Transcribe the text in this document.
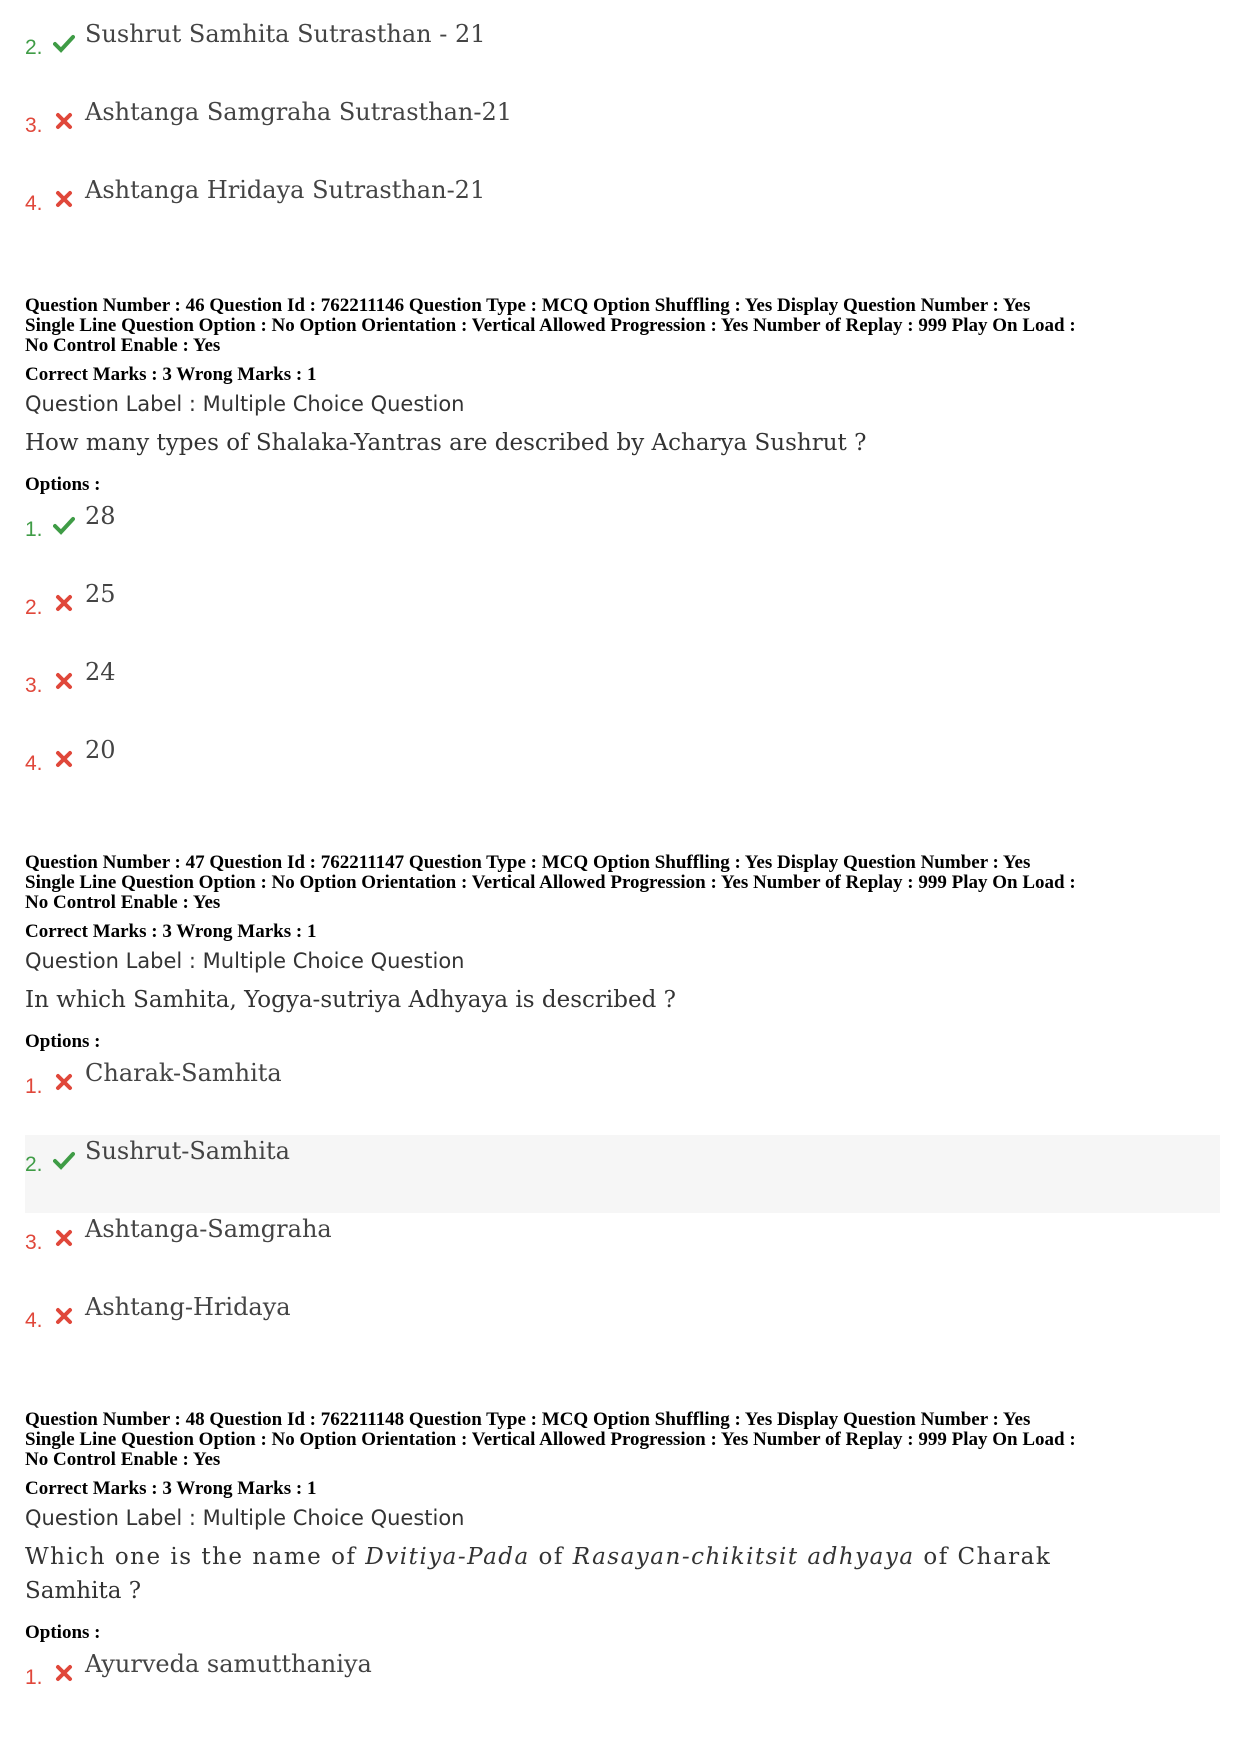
2. Sushrut Samhita Sutrasthan - 21
3. Ashtanga Samgraha Sutrasthan-21
4. Ashtanga Hridaya Sutrasthan-21
Question Number : 46 Question Id : 762211146 Question Type : MCQ Option Shuffling : Yes Display Question Number : Yes
Single Line Question Option : No Option Orientation : Vertical Allowed Progression : Yes Number of Replay : 999 Play On Load :
No Control Enable : Yes
Correct Marks : 3 Wrong Marks : 1
Question Label : Multiple Choice Question
How many types of Shalaka-Yantras are described by Acharya Sushrut ?
Options :
1. 28
2. 25
3. 24
4. 20
Question Number : 47 Question Id : 762211147 Question Type : MCQ Option Shuffling : Yes Display Question Number : Yes
Single Line Question Option : No Option Orientation : Vertical Allowed Progression : Yes Number of Replay : 999 Play On Load :
No Control Enable : Yes
Correct Marks : 3 Wrong Marks : 1
Question Label : Multiple Choice Question
In which Samhita, Yogya-sutriya Adhyaya is described ?
Options :
1. Charak-Samhita
2. Sushrut-Samhita
3. Ashtanga-Samgraha
4. Ashtang-Hridaya
Question Number : 48 Question Id : 762211148 Question Type : MCQ Option Shuffling : Yes Display Question Number : Yes
Single Line Question Option : No Option Orientation : Vertical Allowed Progression : Yes Number of Replay : 999 Play On Load :
No Control Enable : Yes
Correct Marks : 3 Wrong Marks : 1
Question Label : Multiple Choice Question
Which one is the name of Dvitiya-Pada of Rasayan-chikitsit adhyaya of Charak
Samhita ?
Options :
1. Ayurveda samutthaniya
